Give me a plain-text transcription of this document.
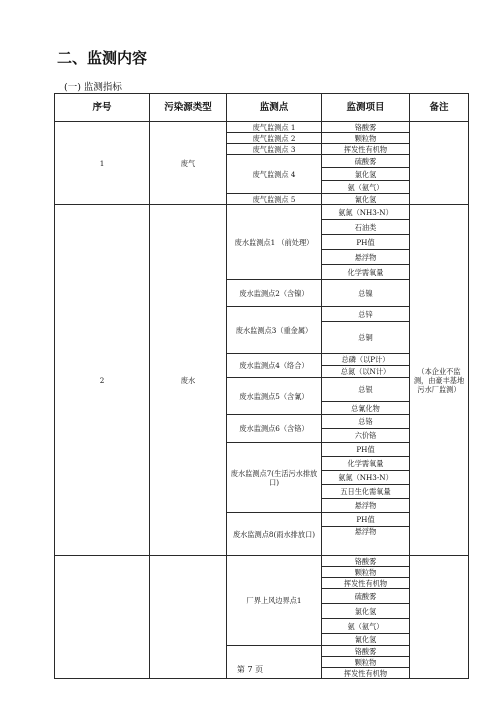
二、监测内容
(一) 监测指标
序号	污染源类型	监测点	监测项目	备注
1	废气	废气监测点 1	铬酸雾	
		废气监测点 2	颗粒物	
		废气监测点 3	挥发性有机物	
		废气监测点 4	硫酸雾	
			氯化氢	
			氨（氨气）	
		废气监测点 5	氰化氢	
2	废水	废水监测点1 （前处理）	氨氮（NH3-N）	（本企业不监测，由豪丰基地污水厂监测）
			石油类	
			PH值	
			悬浮物	
			化学需氧量	
		废水监测点2（含镍）	总镍	
		废水监测点3（重金属）	总锌	
			总铜	
		废水监测点4（络合）	总磷（以P计）	
			总氮（以N计）	
		废水监测点5（含氰）	总银	
			总氰化物	
		废水监测点6（含铬）	总铬	
			六价铬	
		废水监测点7(生活污水排放口)	PH值	
			化学需氧量	
			氨氮（NH3-N）	
			五日生化需氧量	
			悬浮物	
		废水监测点8(雨水排放口)	PH值	
			悬浮物	
		厂界上风边界点1	铬酸雾	
			颗粒物	
			挥发性有机物	
			硫酸雾	
			氯化氢	
			氨（氨气）	
			氰化氢	
			铬酸雾	
			颗粒物	
			挥发性有机物	
第 7 页
